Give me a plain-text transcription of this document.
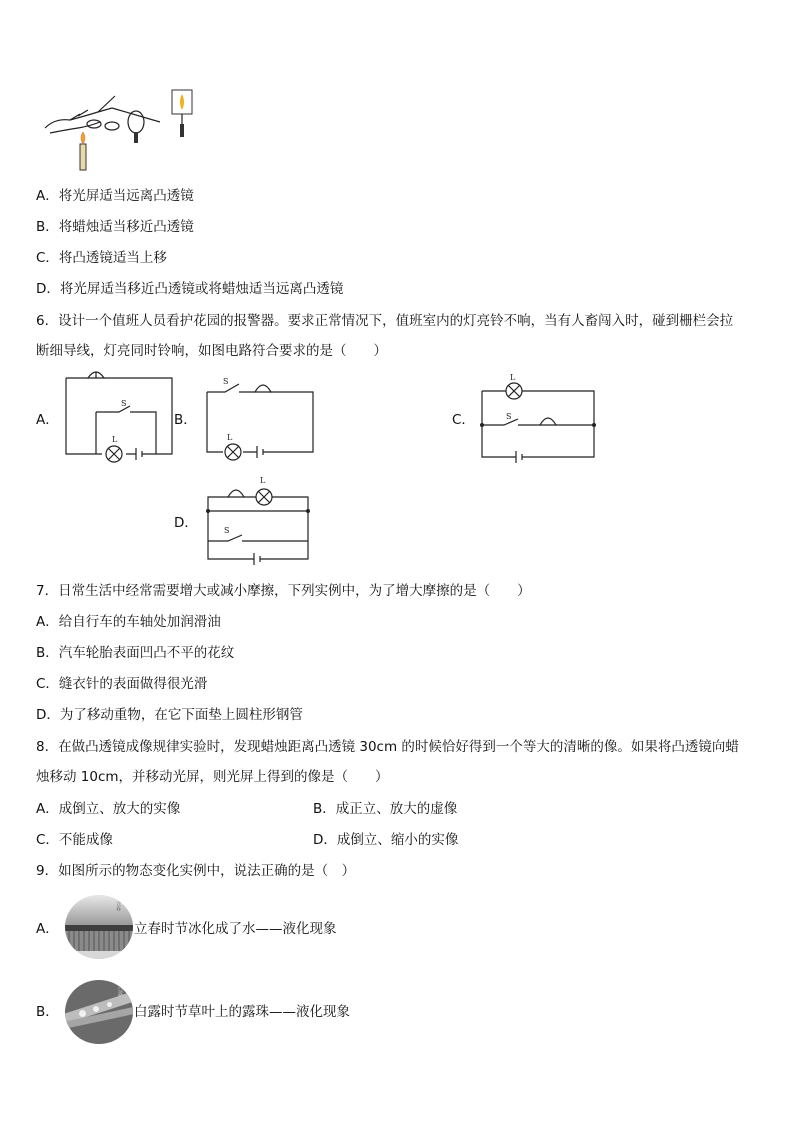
A．将光屏适当远离凸透镜
B．将蜡烛适当移近凸透镜
C．将凸透镜适当上移
D．将光屏适当移近凸透镜或将蜡烛适当远离凸透镜
6．设计一个值班人员看护花园的报警器。要求正常情况下，值班室内的灯亮铃不响，当有人畜闯入时，碰到栅栏会拉
断细导线，灯亮同时铃响，如图电路符合要求的是（　　）
A．
S
L
B．
S
L
C．
L
S
D．
L
S
7．日常生活中经常需要增大或减小摩擦，下列实例中，为了增大摩擦的是（　　）
A．给自行车的车轴处加润滑油
B．汽车轮胎表面凹凸不平的花纹
C．缝衣针的表面做得很光滑
D．为了移动重物，在它下面垫上圆柱形钢管
8．在做凸透镜成像规律实验时，发现蜡烛距离凸透镜 30cm 的时候恰好得到一个等大的清晰的像。如果将凸透镜向蜡
烛移动 10cm，并移动光屏，则光屏上得到的像是（　　）
A．成倒立、放大的实像	B．成正立、放大的虚像
C．不能成像	D．成倒立、缩小的实像
9．如图所示的物态变化实例中，说法正确的是（　）
A．
立春
立春时节冰化成了水——液化现象
B．
白露
白露时节草叶上的露珠——液化现象
